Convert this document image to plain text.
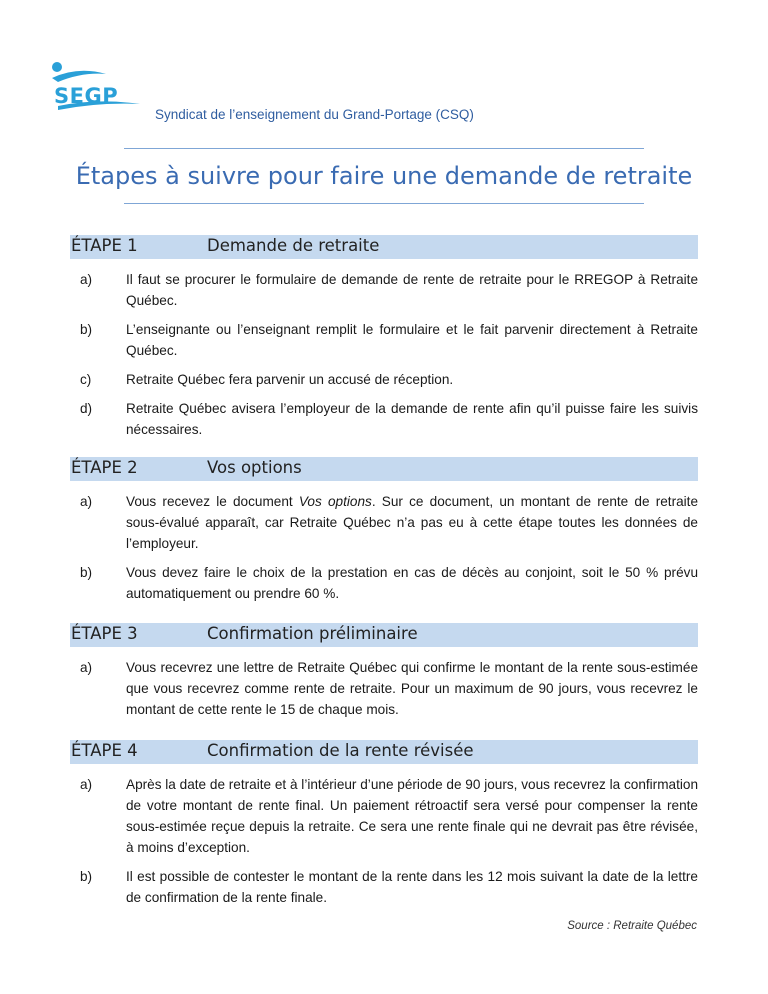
SEGP
Syndicat de l’enseignement du Grand-Portage (CSQ)
Étapes à suivre pour faire une demande de retraite
ÉTAPE 1	Demande de retraite
a)	Il faut se procurer le formulaire de demande de rente de retraite pour le RREGOP à Retraite Québec.
b)	L’enseignante ou l’enseignant remplit le formulaire et le fait parvenir directement à Retraite Québec.
c)	Retraite Québec fera parvenir un accusé de réception.
d)	Retraite Québec avisera l’employeur de la demande de rente afin qu’il puisse faire les suivis nécessaires.
ÉTAPE 2	Vos options
a)	Vous recevez le document Vos options. Sur ce document, un montant de rente de retraite sous-évalué apparaît, car Retraite Québec n’a pas eu à cette étape toutes les données de l’employeur.
b)	Vous devez faire le choix de la prestation en cas de décès au conjoint, soit le 50 % prévu automatiquement ou prendre 60 %.
ÉTAPE 3	Confirmation préliminaire
a)	Vous recevrez une lettre de Retraite Québec qui confirme le montant de la rente sous-estimée que vous recevrez comme rente de retraite. Pour un maximum de 90 jours, vous recevrez le montant de cette rente le 15 de chaque mois.
ÉTAPE 4	Confirmation de la rente révisée
a)	Après la date de retraite et à l’intérieur d’une période de 90 jours, vous recevrez la confirmation de votre montant de rente final. Un paiement rétroactif sera versé pour compenser la rente sous-estimée reçue depuis la retraite. Ce sera une rente finale qui ne devrait pas être révisée, à moins d’exception.
b)	Il est possible de contester le montant de la rente dans les 12 mois suivant la date de la lettre de confirmation de la rente finale.
Source : Retraite Québec
